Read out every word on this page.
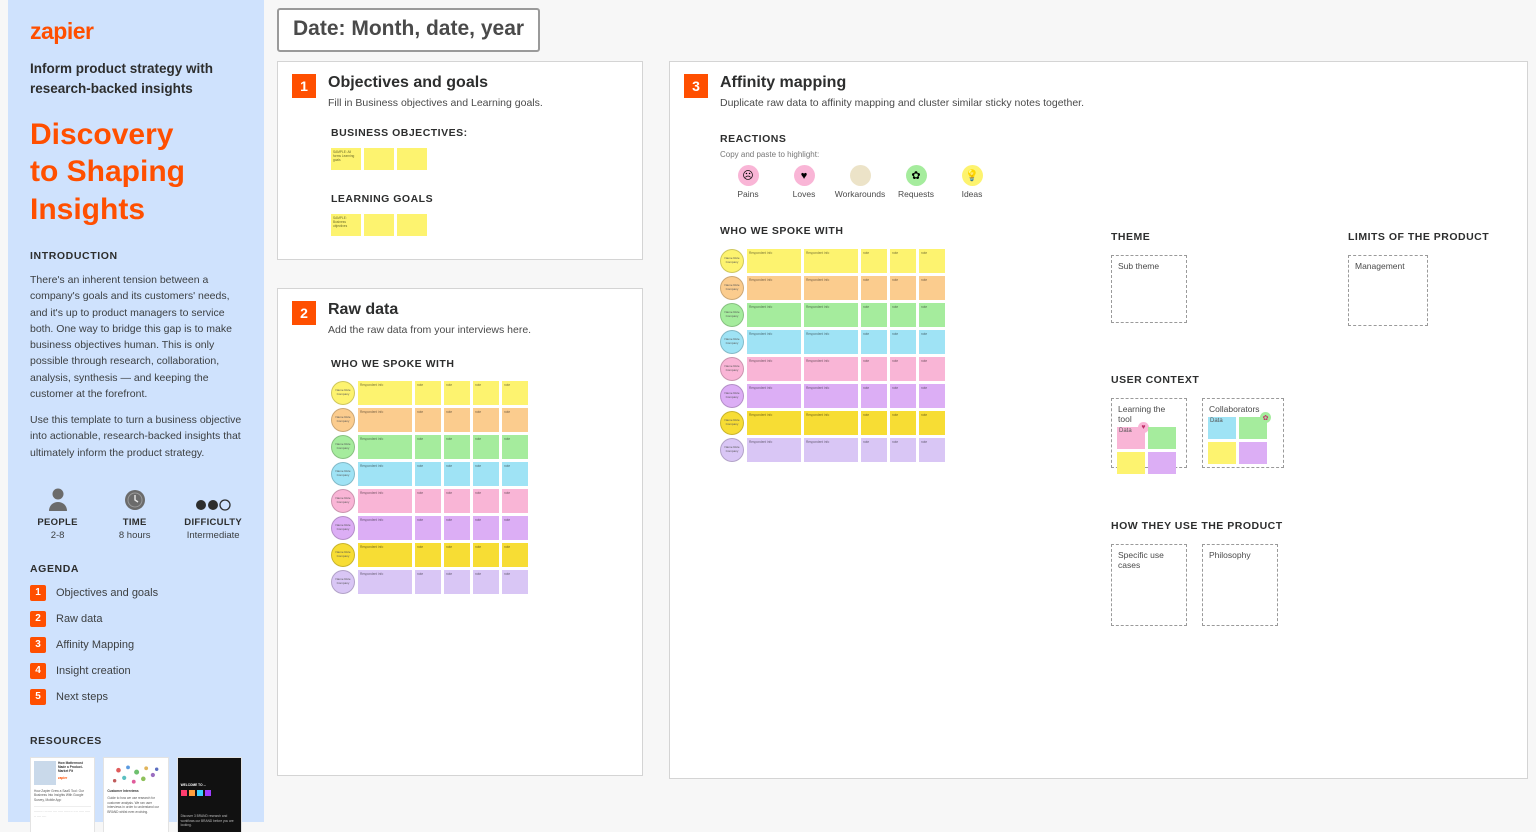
zapier
Inform product strategy with research-backed insights
Discovery
to Shaping
Insights
INTRODUCTION
There's an inherent tension between a company's goals and its customers' needs, and it's up to product managers to service both. One way to bridge this gap is to make business objectives human. This is only possible through research, collaboration, analysis, synthesis — and keeping the customer at the forefront.
Use this template to turn a business objective into actionable, research-backed insights that ultimately inform the product strategy.
PEOPLE
2-8
TIME
8 hours
DIFFICULTY
Intermediate
AGENDA
1	Objectives and goals
2	Raw data
3	Affinity Mapping
4	Insight creation
5	Next steps
RESOURCES
How Mattermost Made a Product-Market Fit
zapier
How Zapier Grew a SaaS Tool: Our Business Into Insights With Google Survey, Mobile App
········· ······· ···· ····· ········ ···· ····· ····· ·· ···· ····
Customer Interviews
Guide to how we use research for customer analysis. We ran user interviews in order to understand our BRAND whilst ever-evolving.
WELCOME TO ...
Discover 3 BRAND research and workflows our BRAND before you are looking.
Date: Month, date, year
1	Objectives and goals
Fill in Business objectives and Learning goals.
BUSINESS OBJECTIVES:
SAMPLE: All forms Learning goals
LEARNING GOALS
SAMPLE: Business objectives
2	Raw data
Add the raw data from your interviews here.
WHO WE SPOKE WITH
Name Role Company
Respondent info	note	note	note	note
Name Role Company
Respondent info	note	note	note	note
Name Role Company
Respondent info	note	note	note	note
Name Role Company
Respondent info	note	note	note	note
Name Role Company
Respondent info	note	note	note	note
Name Role Company
Respondent info	note	note	note	note
Name Role Company
Respondent info	note	note	note	note
Name Role Company
Respondent info	note	note	note	note
3	Affinity mapping
Duplicate raw data to affinity mapping and cluster similar sticky notes together.
REACTIONS
Copy and paste to highlight:
☹
Pains
♥
Loves	Workarounds
✿
Requests
💡
Ideas
WHO WE SPOKE WITH
Name Role Company
Respondent info	Respondent info	note	note	note
Name Role Company
Respondent info	Respondent info	note	note	note
Name Role Company
Respondent info	Respondent info	note	note	note
Name Role Company
Respondent info	Respondent info	note	note	note
Name Role Company
Respondent info	Respondent info	note	note	note
Name Role Company
Respondent info	Respondent info	note	note	note
Name Role Company
Respondent info	Respondent info	note	note	note
Name Role Company
Respondent info	Respondent info	note	note	note
THEME
Sub theme
LIMITS OF THE PRODUCT
Management
USER CONTEXT
Learning the tool
Data	♥
Collaborators
Data	✿
HOW THEY USE THE PRODUCT
Specific use cases
Philosophy
